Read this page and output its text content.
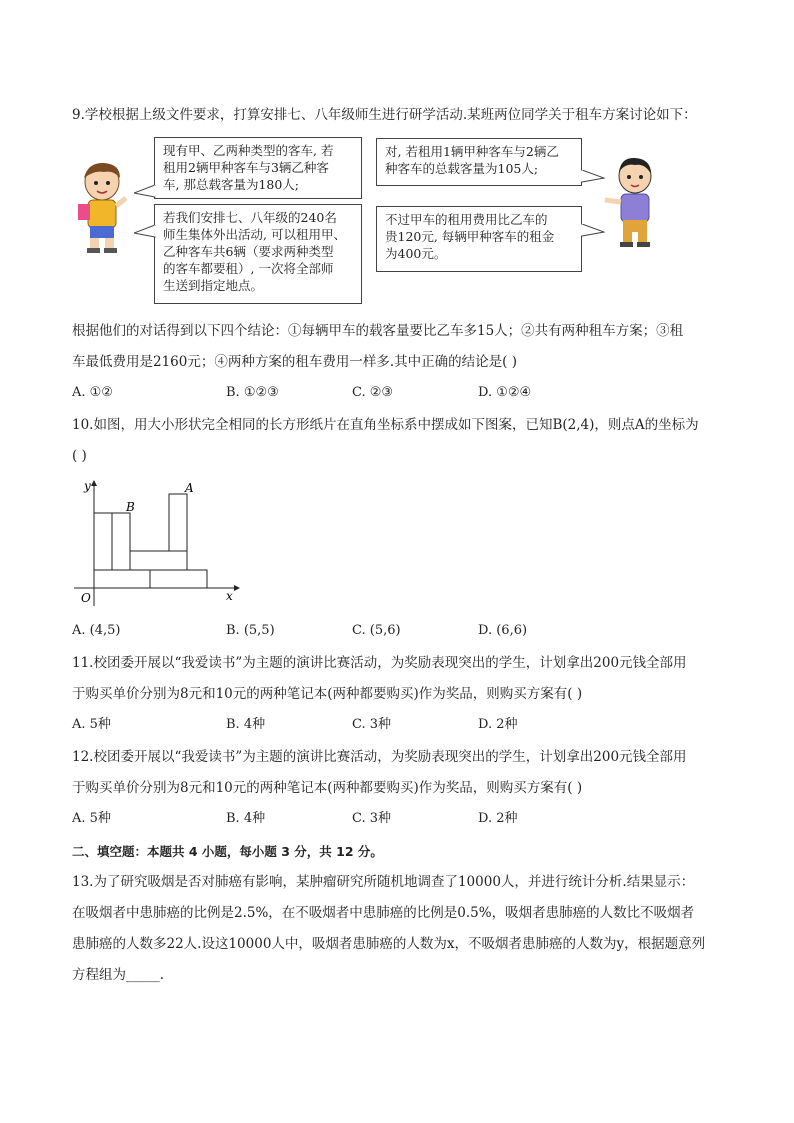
9.学校根据上级文件要求，打算安排七、八年级师生进行研学活动.某班两位同学关于租车方案讨论如下：
现有甲、乙两种类型的客车, 若
租用2辆甲种客车与3辆乙种客
车, 那总载客量为180人;
若我们安排七、八年级的240名
师生集体外出活动, 可以租用甲、
乙种客车共6辆（要求两种类型
的客车都要租）, 一次将全部师
生送到指定地点。
对, 若租用1辆甲种客车与2辆乙
种客车的总载客量为105人;
不过甲车的租用费用比乙车的
贵120元, 每辆甲种客车的租金
为400元。
根据他们的对话得到以下四个结论：①每辆甲车的载客量要比乙车多15人；②共有两种租车方案；③租
车最低费用是2160元；④两种方案的租车费用一样多.其中正确的结论是( )
A. ①②	B. ①②③	C. ②③	D. ①②④
10.如图，用大小形状完全相同的长方形纸片在直角坐标系中摆成如下图案，已知B(2,4)，则点A的坐标为
( )
y
x
O
B
A
A. (4,5)	B. (5,5)	C. (5,6)	D. (6,6)
11.校团委开展以“我爱读书”为主题的演讲比赛活动，为奖励表现突出的学生，计划拿出200元钱全部用
于购买单价分别为8元和10元的两种笔记本(两种都要购买)作为奖品，则购买方案有( )
A. 5种	B. 4种	C. 3种	D. 2种
12.校团委开展以“我爱读书”为主题的演讲比赛活动，为奖励表现突出的学生，计划拿出200元钱全部用
于购买单价分别为8元和10元的两种笔记本(两种都要购买)作为奖品，则购买方案有( )
A. 5种	B. 4种	C. 3种	D. 2种
二、填空题：本题共 4 小题，每小题 3 分，共 12 分。
13.为了研究吸烟是否对肺癌有影响，某肿瘤研究所随机地调查了10000人，并进行统计分析.结果显示：
在吸烟者中患肺癌的比例是2.5%，在不吸烟者中患肺癌的比例是0.5%，吸烟者患肺癌的人数比不吸烟者
患肺癌的人数多22人.设这10000人中，吸烟者患肺癌的人数为x，不吸烟者患肺癌的人数为y，根据题意列
方程组为_____.
